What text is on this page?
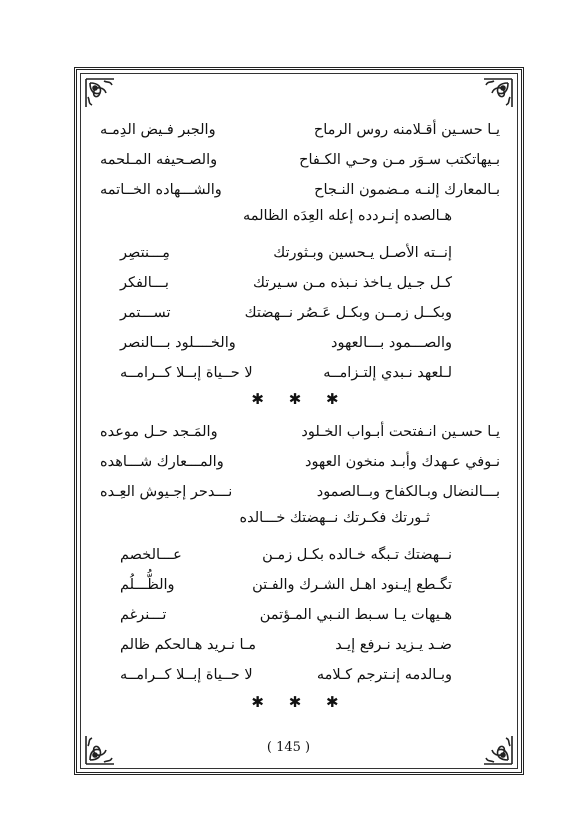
يـا حسـين أقـلامنه روس الرماح
والجبر فـيض الدِمـه
بـيهاتكتب سـوَر مـن وحـي الكـفاح
والصـحيفه المـلحمه
بـالمعارك إلنـه مـضمون النـجاح
والشـــهاده الخــاتمه
هـالصده إنـردده إعله العِدَه الظالمه
إنــته الأصـل يـحسين وبـثورتك
مِـــنتصِر
كـل جـيل يـاخذ نـبذه مـن سـيرتك
بـــالفكر
وبكــل زمــن وبكـل عَـصُر نــهضتك
تســـتمر
والصـــمود بـــالعهود
والخــــلود بـــالنصر
لـلعهد نـبدي إلتـزامــه
لا حــياة إبــلا كــرامــه
✱ ✱ ✱
يـا حسـين انـفتحت أبـواب الخـلود
والمَـجد حـل موعده
نـوفي عـهدك وأبـد منخون العهود
والمـــعارك شـــاهده
بـــالنضال وبـالكفاح وبــالصمود
نـــدحر إجـيوش العِـده
ثـورتك فكـرتك نــهضتك خـــالده
نــهضتك تـبگه خـالده بكـل زمـن
عـــالخصم
تگـطع إيـنود اهـل الشـرك والفـتن
والظُّـــلُم
هـيهات يـا سـبط النـبي المـؤتمن
تـــنرغم
ضـد يـزيد نـرفع إيـد
مـا نـريد هـالحكم ظالم
وبـالدمه إنـترجم كـلامه
لا حــياة إبــلا كــرامــه
✱ ✱ ✱
( 145 )
